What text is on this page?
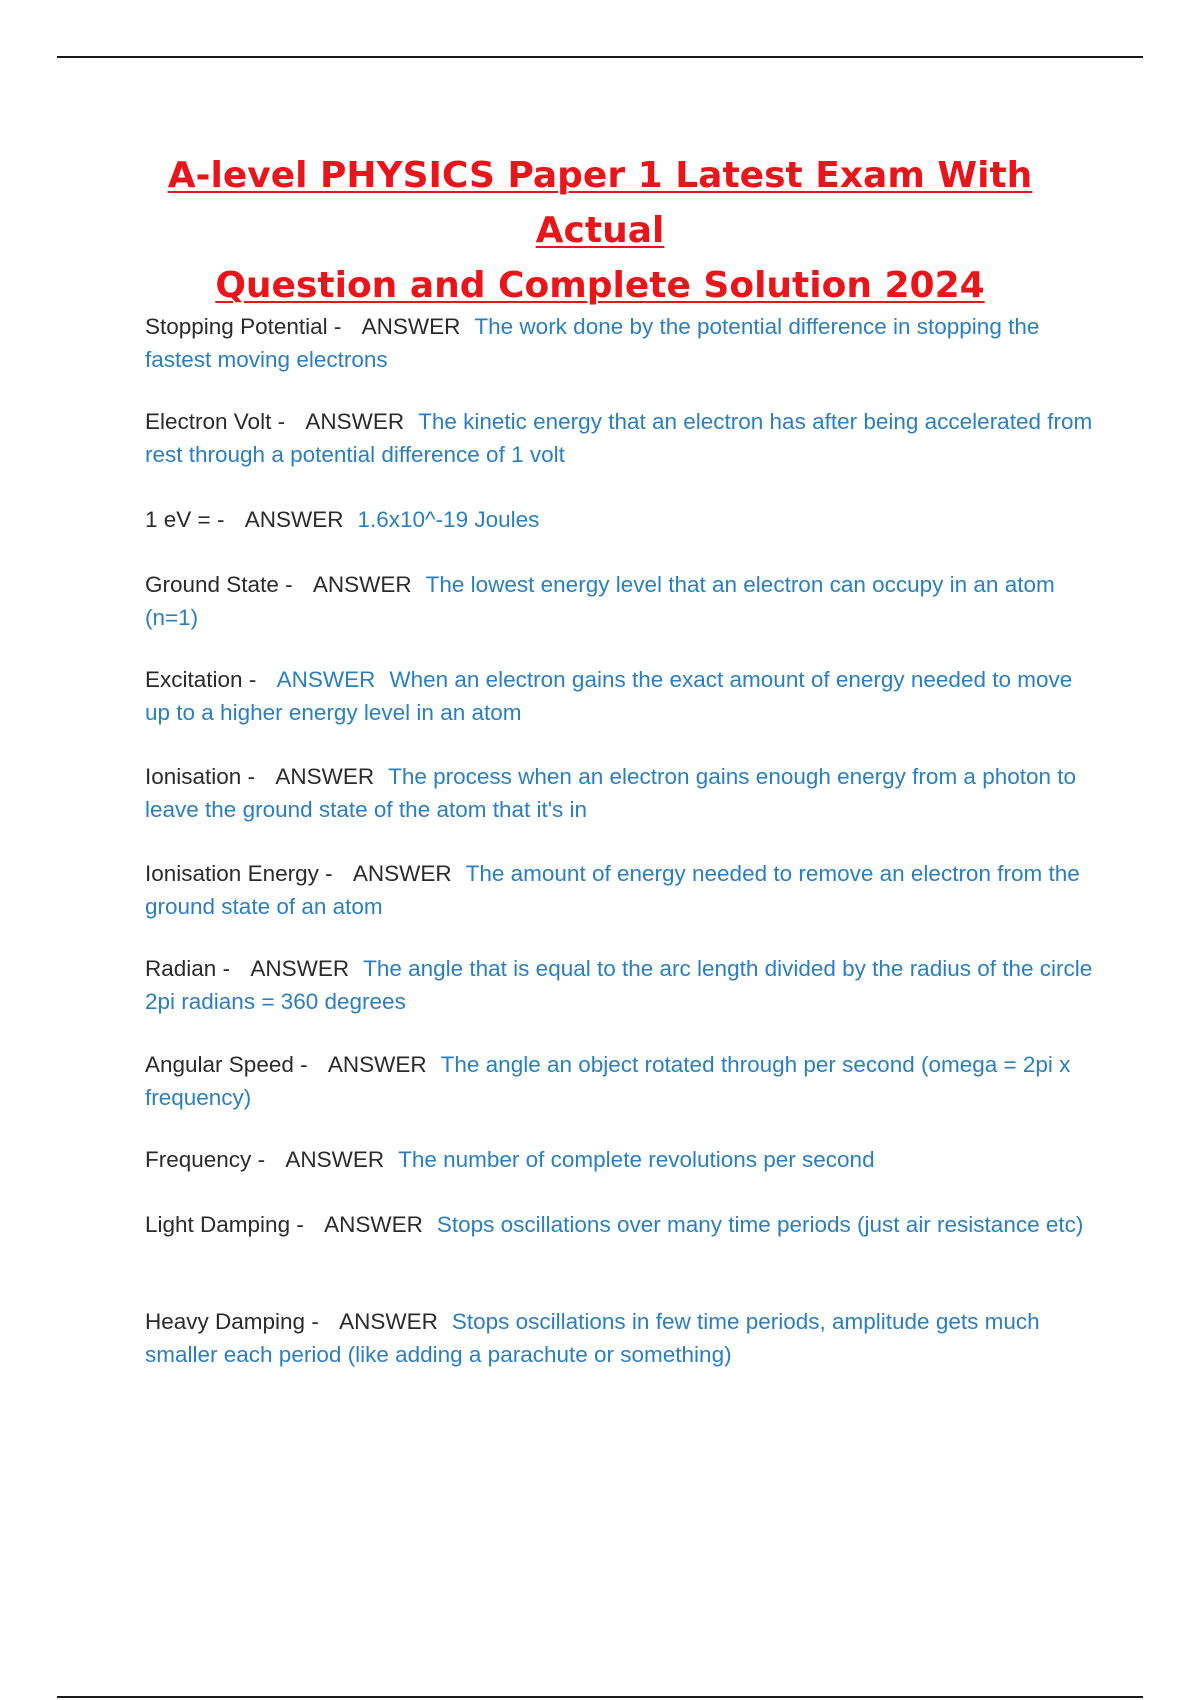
A-level PHYSICS Paper 1 Latest Exam With Actual
Question and Complete Solution 2024

Stopping Potential - ANSWER The work done by the potential difference in stopping the fastest moving electrons

Electron Volt - ANSWER The kinetic energy that an electron has after being accelerated from rest through a potential difference of 1 volt

1 eV = - ANSWER 1.6x10^-19 Joules

Ground State - ANSWER The lowest energy level that an electron can occupy in an atom (n=1)

Excitation - ANSWER When an electron gains the exact amount of energy needed to move up to a higher energy level in an atom

Ionisation - ANSWER The process when an electron gains enough energy from a photon to leave the ground state of the atom that it's in

Ionisation Energy - ANSWER The amount of energy needed to remove an electron from the ground state of an atom

Radian - ANSWER The angle that is equal to the arc length divided by the radius of the circle 2pi radians = 360 degrees

Angular Speed - ANSWER The angle an object rotated through per second (omega = 2pi x frequency)

Frequency - ANSWER The number of complete revolutions per second

Light Damping - ANSWER Stops oscillations over many time periods (just air resistance etc)

Heavy Damping - ANSWER Stops oscillations in few time periods, amplitude gets much smaller each period (like adding a parachute or something)
